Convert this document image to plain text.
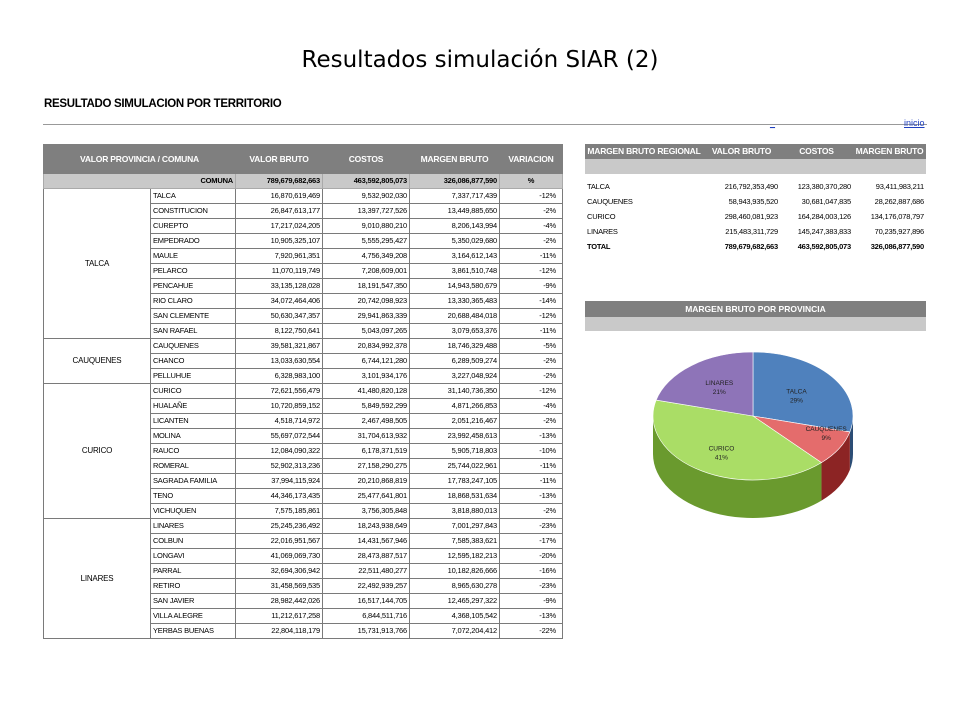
Resultados simulación SIAR (2)
RESULTADO SIMULACION POR TERRITORIO
_	inicio
VALOR PROVINCIA / COMUNA		VALOR BRUTO	COSTOS	MARGEN BRUTO	VARIACION
COMUNA		789,679,682,663	463,592,805,073	326,086,877,590	%
TALCA	TALCA	16,870,619,469	9,532,902,030	7,337,717,439	-12%
	CONSTITUCION	26,847,613,177	13,397,727,526	13,449,885,650	-2%
	CUREPTO	17,217,024,205	9,010,880,210	8,206,143,994	-4%
	EMPEDRADO	10,905,325,107	5,555,295,427	5,350,029,680	-2%
	MAULE	7,920,961,351	4,756,349,208	3,164,612,143	-11%
	PELARCO	11,070,119,749	7,208,609,001	3,861,510,748	-12%
	PENCAHUE	33,135,128,028	18,191,547,350	14,943,580,679	-9%
	RIO CLARO	34,072,464,406	20,742,098,923	13,330,365,483	-14%
	SAN CLEMENTE	50,630,347,357	29,941,863,339	20,688,484,018	-12%
	SAN RAFAEL	8,122,750,641	5,043,097,265	3,079,653,376	-11%
CAUQUENES	CAUQUENES	39,581,321,867	20,834,992,378	18,746,329,488	-5%
	CHANCO	13,033,630,554	6,744,121,280	6,289,509,274	-2%
	PELLUHUE	6,328,983,100	3,101,934,176	3,227,048,924	-2%
CURICO	CURICO	72,621,556,479	41,480,820,128	31,140,736,350	-12%
	HUALAÑE	10,720,859,152	5,849,592,299	4,871,266,853	-4%
	LICANTEN	4,518,714,972	2,467,498,505	2,051,216,467	-2%
	MOLINA	55,697,072,544	31,704,613,932	23,992,458,613	-13%
	RAUCO	12,084,090,322	6,178,371,519	5,905,718,803	-10%
	ROMERAL	52,902,313,236	27,158,290,275	25,744,022,961	-11%
	SAGRADA FAMILIA	37,994,115,924	20,210,868,819	17,783,247,105	-11%
	TENO	44,346,173,435	25,477,641,801	18,868,531,634	-13%
	VICHUQUEN	7,575,185,861	3,756,305,848	3,818,880,013	-2%
LINARES	LINARES	25,245,236,492	18,243,938,649	7,001,297,843	-23%
	COLBUN	22,016,951,567	14,431,567,946	7,585,383,621	-17%
	LONGAVI	41,069,069,730	28,473,887,517	12,595,182,213	-20%
	PARRAL	32,694,306,942	22,511,480,277	10,182,826,666	-16%
	RETIRO	31,458,569,535	22,492,939,257	8,965,630,278	-23%
	SAN JAVIER	28,982,442,026	16,517,144,705	12,465,297,322	-9%
	VILLA ALEGRE	11,212,617,258	6,844,511,716	4,368,105,542	-13%
	YERBAS BUENAS	22,804,118,179	15,731,913,766	7,072,204,412	-22%
MARGEN BRUTO REGIONAL	VALOR BRUTO	COSTOS	MARGEN BRUTO

TALCA	216,792,353,490	123,380,370,280	93,411,983,211
CAUQUENES	58,943,935,520	30,681,047,835	28,262,887,686
CURICO	298,460,081,923	164,284,003,126	134,176,078,797
LINARES	215,483,311,729	145,247,383,833	70,235,927,896
TOTAL	789,679,682,663	463,592,805,073	326,086,877,590
MARGEN BRUTO POR PROVINCIA
TALCA
29%
CAUQUENES
9%
CURICO
41%
LINARES
21%
